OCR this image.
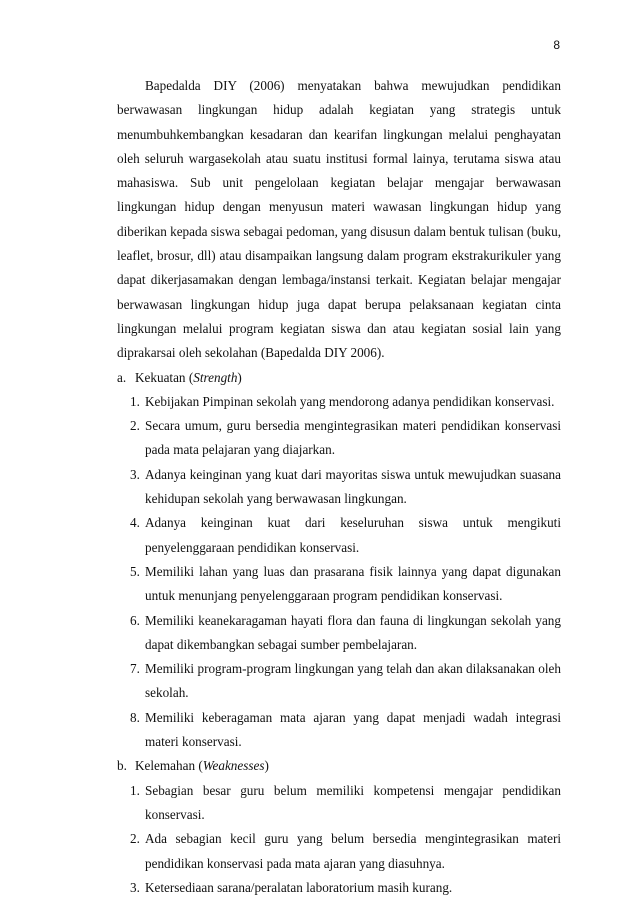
8

Bapedalda DIY (2006) menyatakan bahwa mewujudkan pendidikan berwawasan lingkungan hidup adalah kegiatan yang strategis untuk menumbuhkembangkan kesadaran dan kearifan lingkungan melalui penghayatan oleh seluruh wargasekolah atau suatu institusi formal lainya, terutama siswa atau mahasiswa. Sub unit pengelolaan kegiatan belajar mengajar berwawasan lingkungan hidup dengan menyusun materi wawasan lingkungan hidup yang diberikan kepada siswa sebagai pedoman, yang disusun dalam bentuk tulisan (buku, leaflet, brosur, dll) atau disampaikan langsung dalam program ekstrakurikuler yang dapat dikerjasamakan dengan lembaga/instansi terkait. Kegiatan belajar mengajar berwawasan lingkungan hidup juga dapat berupa pelaksanaan kegiatan cinta lingkungan melalui program kegiatan siswa dan atau kegiatan sosial lain yang diprakarsai oleh sekolahan (Bapedalda DIY 2006).

a. Kekuatan (Strength)
1. Kebijakan Pimpinan sekolah yang mendorong adanya pendidikan konservasi.
2. Secara umum, guru bersedia mengintegrasikan materi pendidikan konservasi pada mata pelajaran yang diajarkan.
3. Adanya keinginan yang kuat dari mayoritas siswa untuk mewujudkan suasana kehidupan sekolah yang berwawasan lingkungan.
4. Adanya keinginan kuat dari keseluruhan siswa untuk mengikuti penyelenggaraan pendidikan konservasi.
5. Memiliki lahan yang luas dan prasarana fisik lainnya yang dapat digunakan untuk menunjang penyelenggaraan program pendidikan konservasi.
6. Memiliki keanekaragaman hayati flora dan fauna di lingkungan sekolah yang dapat dikembangkan sebagai sumber pembelajaran.
7. Memiliki program-program lingkungan yang telah dan akan dilaksanakan oleh sekolah.
8. Memiliki keberagaman mata ajaran yang dapat menjadi wadah integrasi materi konservasi.
b. Kelemahan (Weaknesses)
1. Sebagian besar guru belum memiliki kompetensi mengajar pendidikan konservasi.
2. Ada sebagian kecil guru yang belum bersedia mengintegrasikan materi pendidikan konservasi pada mata ajaran yang diasuhnya.
3. Ketersediaan sarana/peralatan laboratorium masih kurang.
